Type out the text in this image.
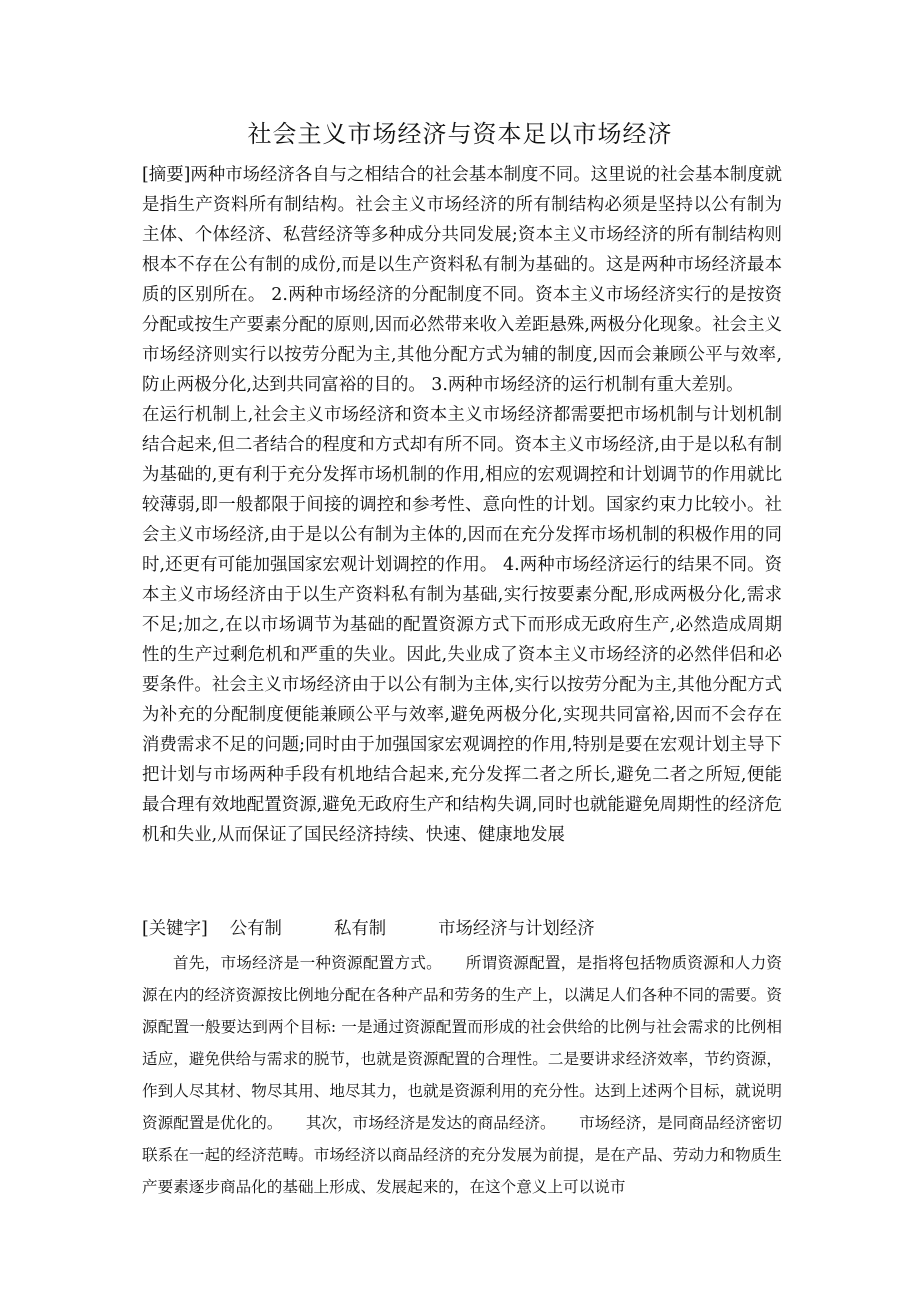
社会主义市场经济与资本足以市场经济

[摘要]两种市场经济各自与之相结合的社会基本制度不同。这里说的社会基本制度就是指生产资料所有制结构。社会主义市场经济的所有制结构必须是坚持以公有制为主体、个体经济、私营经济等多种成分共同发展;资本主义市场经济的所有制结构则根本不存在公有制的成份,而是以生产资料私有制为基础的。这是两种市场经济最本质的区别所在。 2.两种市场经济的分配制度不同。资本主义市场经济实行的是按资分配或按生产要素分配的原则,因而必然带来收入差距悬殊,两极分化现象。社会主义市场经济则实行以按劳分配为主,其他分配方式为辅的制度,因而会兼顾公平与效率,防止两极分化,达到共同富裕的目的。 3.两种市场经济的运行机制有重大差别。

在运行机制上,社会主义市场经济和资本主义市场经济都需要把市场机制与计划机制结合起来,但二者结合的程度和方式却有所不同。资本主义市场经济,由于是以私有制为基础的,更有利于充分发挥市场机制的作用,相应的宏观调控和计划调节的作用就比较薄弱,即一般都限于间接的调控和参考性、意向性的计划。国家约束力比较小。社会主义市场经济,由于是以公有制为主体的,因而在充分发挥市场机制的积极作用的同时,还更有可能加强国家宏观计划调控的作用。 4.两种市场经济运行的结果不同。资本主义市场经济由于以生产资料私有制为基础,实行按要素分配,形成两极分化,需求不足;加之,在以市场调节为基础的配置资源方式下而形成无政府生产,必然造成周期性的生产过剩危机和严重的失业。因此,失业成了资本主义市场经济的必然伴侣和必要条件。社会主义市场经济由于以公有制为主体,实行以按劳分配为主,其他分配方式为补充的分配制度便能兼顾公平与效率,避免两极分化,实现共同富裕,因而不会存在消费需求不足的问题;同时由于加强国家宏观调控的作用,特别是要在宏观计划主导下把计划与市场两种手段有机地结合起来,充分发挥二者之所长,避免二者之所短,便能最合理有效地配置资源,避免无政府生产和结构失调,同时也就能避免周期性的经济危机和失业,从而保证了国民经济持续、快速、健康地发展

[关键字] 公有制	私有制	市场经济与计划经济

首先，市场经济是一种资源配置方式。　　所谓资源配置，是指将包括物质资源和人力资源在内的经济资源按比例地分配在各种产品和劳务的生产上，以满足人们各种不同的需要。资源配置一般要达到两个目标: 一是通过资源配置而形成的社会供给的比例与社会需求的比例相适应，避免供给与需求的脱节，也就是资源配置的合理性。二是要讲求经济效率，节约资源，作到人尽其材、物尽其用、地尽其力，也就是资源利用的充分性。达到上述两个目标，就说明资源配置是优化的。　　其次，市场经济是发达的商品经济。　　市场经济，是同商品经济密切联系在一起的经济范畴。市场经济以商品经济的充分发展为前提，是在产品、劳动力和物质生产要素逐步商品化的基础上形成、发展起来的，在这个意义上可以说市
